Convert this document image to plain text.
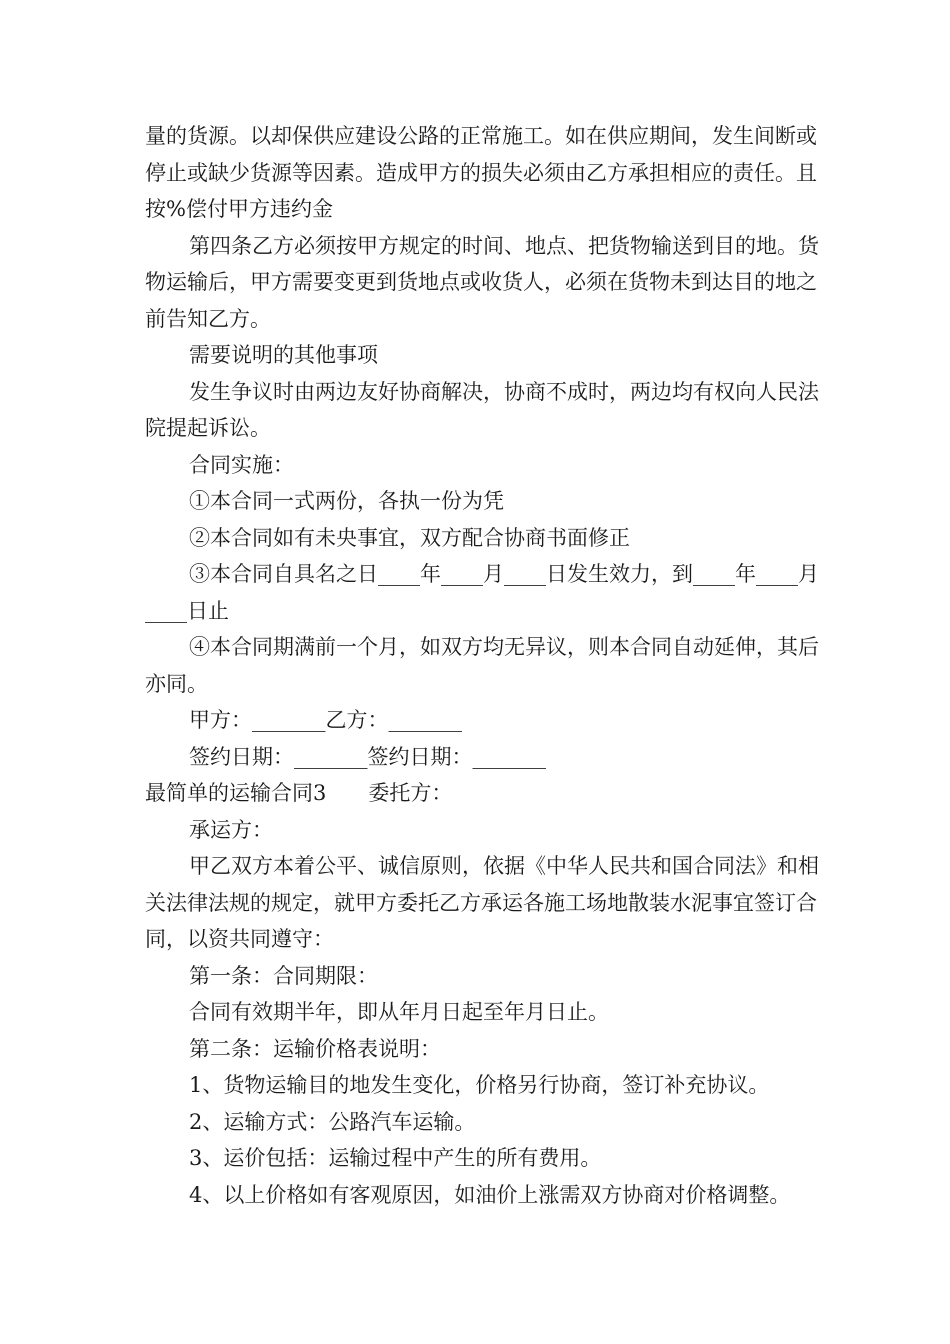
量的货源。以却保供应建设公路的正常施工。如在供应期间，发生间断或停止或缺少货源等因素。造成甲方的损失必须由乙方承担相应的责任。且按%偿付甲方违约金

第四条乙方必须按甲方规定的时间、地点、把货物输送到目的地。货物运输后，甲方需要变更到货地点或收货人，必须在货物未到达目的地之前告知乙方。

需要说明的其他事项

发生争议时由两边友好协商解决，协商不成时，两边均有权向人民法院提起诉讼。

合同实施：

①本合同一式两份，各执一份为凭

②本合同如有未央事宜，双方配合协商书面修正

③本合同自具名之日____年____月____日发生效力，到____年____月____日止

④本合同期满前一个月，如双方均无异议，则本合同自动延伸，其后亦同。

甲方：_______乙方：_______

签约日期：_______签约日期：_______

最简单的运输合同3　　委托方：

承运方：

甲乙双方本着公平、诚信原则，依据《中华人民共和国合同法》和相关法律法规的规定，就甲方委托乙方承运各施工场地散装水泥事宜签订合同，以资共同遵守：

第一条：合同期限：

合同有效期半年，即从年月日起至年月日止。

第二条：运输价格表说明：

1、货物运输目的地发生变化，价格另行协商，签订补充协议。

2、运输方式：公路汽车运输。

3、运价包括：运输过程中产生的所有费用。

4、以上价格如有客观原因，如油价上涨需双方协商对价格调整。
